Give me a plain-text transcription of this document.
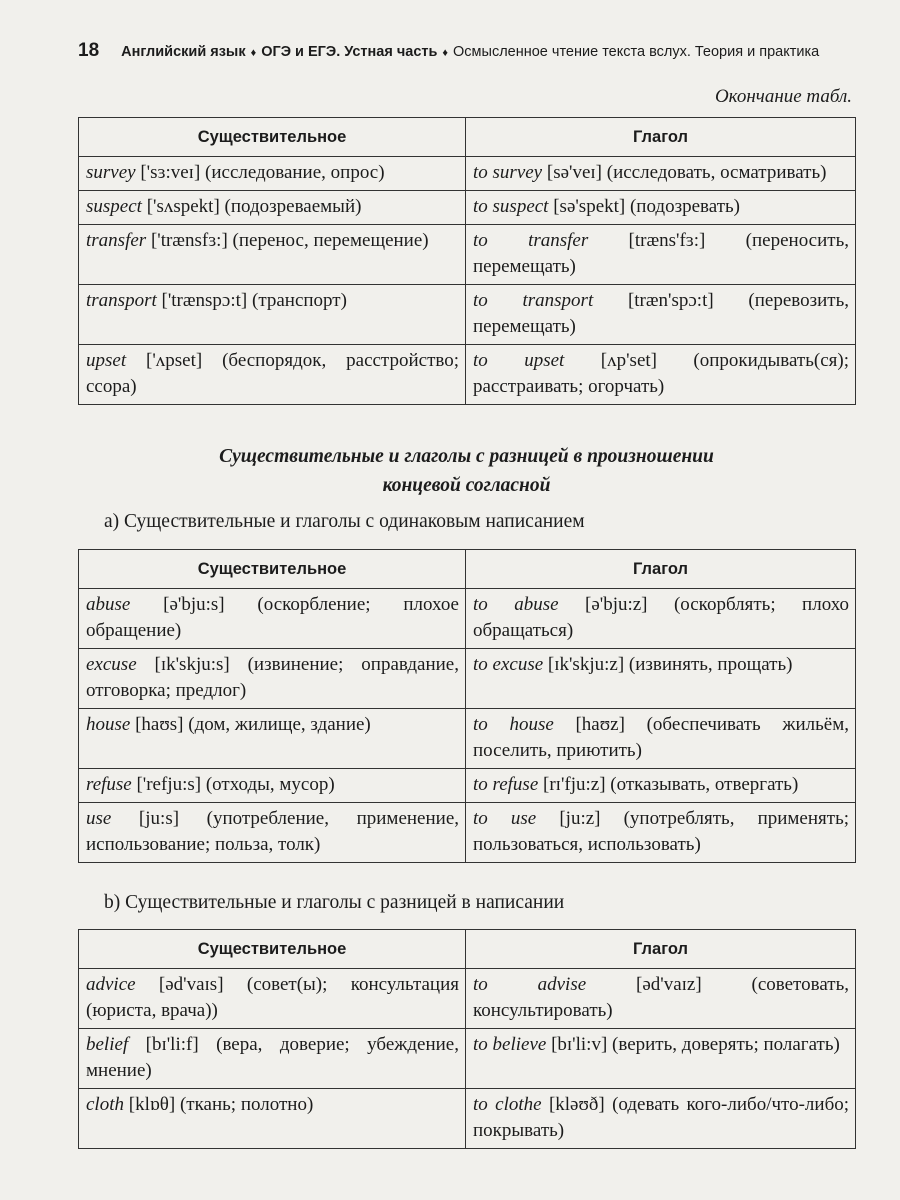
18 Английский язык ♦ ОГЭ и ЕГЭ. Устная часть ♦ Осмысленное чтение текста вслух. Теория и практика
Окончание табл.
Существительное	Глагол
survey ['sɜ:veɪ] (исследование, опрос)	to survey [sə'veɪ] (исследовать, осматривать)
suspect ['sʌspekt] (подозреваемый)	to suspect [sə'spekt] (подозревать)
transfer ['trænsfɜ:] (перенос, перемещение)	to transfer [træns'fɜ:] (переносить, перемещать)
transport ['trænspɔ:t] (транспорт)	to transport [træn'spɔ:t] (перевозить, перемещать)
upset ['ʌpset] (беспорядок, расстройство; ссора)	to upset [ʌp'set] (опрокидывать(ся); расстраивать; огорчать)
Существительные и глаголы с разницей в произношении
концевой согласной
a) Существительные и глаголы с одинаковым написанием
Существительное	Глагол
abuse [ə'bju:s] (оскорбление; плохое обращение)	to abuse [ə'bju:z] (оскорблять; плохо обращаться)
excuse [ɪk'skju:s] (извинение; оправдание, отговорка; предлог)	to excuse [ɪk'skju:z] (извинять, прощать)
house [haʊs] (дом, жилище, здание)	to house [haʊz] (обеспечивать жильём, поселить, приютить)
refuse ['refju:s] (отходы, мусор)	to refuse [rɪ'fju:z] (отказывать, отвергать)
use [ju:s] (употребление, применение, использование; польза, толк)	to use [ju:z] (употреблять, применять; пользоваться, использовать)
b) Существительные и глаголы с разницей в написании
Существительное	Глагол
advice [əd'vaɪs] (совет(ы); консультация (юриста, врача))	to advise [əd'vaɪz] (советовать, консультировать)
belief [bɪ'li:f] (вера, доверие; убеждение, мнение)	to believe [bɪ'li:v] (верить, доверять; полагать)
cloth [klɒθ] (ткань; полотно)	to clothe [kləʊð] (одевать кого-либо/что-либо; покрывать)
